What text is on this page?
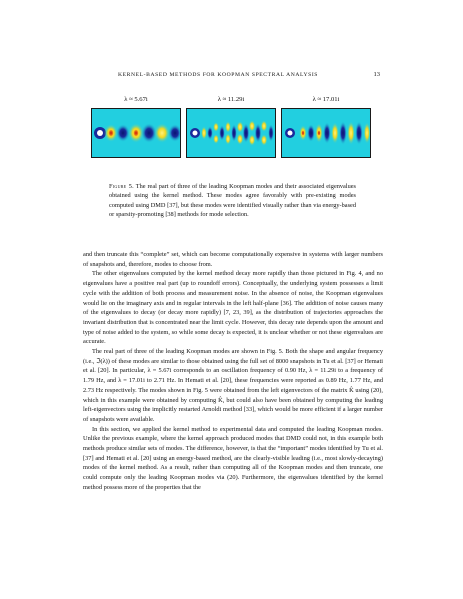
KERNEL-BASED METHODS FOR KOOPMAN SPECTRAL ANALYSIS	13
λ ≈ 5.67i	λ ≈ 11.29i	λ ≈ 17.01i
Figure 5. The real part of three of the leading Koopman modes and their associated eigenvalues obtained using the kernel method. These modes agree favorably with pre-existing modes computed using DMD [37], but these modes were identified visually rather than via energy-based or sparsity-promoting [38] methods for mode selection.

and then truncate this “complete” set, which can become computationally expensive in systems with larger numbers of snapshots and, therefore, modes to choose from.

The other eigenvalues computed by the kernel method decay more rapidly than those pictured in Fig. 4, and no eigenvalues have a positive real part (up to roundoff errors). Conceptually, the underlying system possesses a limit cycle with the addition of both process and measurement noise. In the absence of noise, the Koopman eigenvalues would lie on the imaginary axis and in regular intervals in the left half-plane [36]. The addition of noise causes many of the eigenvalues to decay (or decay more rapidly) [7, 23, 39], as the distribution of trajectories approaches the invariant distribution that is concentrated near the limit cycle. However, this decay rate depends upon the amount and type of noise added to the system, so while some decay is expected, it is unclear whether or not these eigenvalues are accurate.

The real part of three of the leading Koopman modes are shown in Fig. 5. Both the shape and angular frequency (i.e., ℑ(λ)) of these modes are similar to those obtained using the full set of 8000 snapshots in Tu et al. [37] or Hemati et al. [20]. In particular, λ = 5.67i corresponds to an oscillation frequency of 0.90 Hz, λ = 11.29i to a frequency of 1.79 Hz, and λ = 17.01i to 2.71 Hz. In Hemati et al. [20], these frequencies were reported as 0.89 Hz, 1.77 Hz, and 2.73 Hz respectively. The modes shown in Fig. 5 were obtained from the left eigenvectors of the matrix K̂ using (20), which in this example were obtained by computing K̂, but could also have been obtained by computing the leading left-eigenvectors using the implicitly restarted Arnoldi method [33], which would be more efficient if a larger number of snapshots were available.

In this section, we applied the kernel method to experimental data and computed the leading Koopman modes. Unlike the previous example, where the kernel approach produced modes that DMD could not, in this example both methods produce similar sets of modes. The difference, however, is that the “important” modes identified by Tu et al. [37] and Hemati et al. [20] using an energy-based method, are the clearly-visible leading (i.e., most slowly-decaying) modes of the kernel method. As a result, rather than computing all of the Koopman modes and then truncate, one could compute only the leading Koopman modes via (20). Furthermore, the eigenvalues identified by the kernel method possess more of the properties that the
